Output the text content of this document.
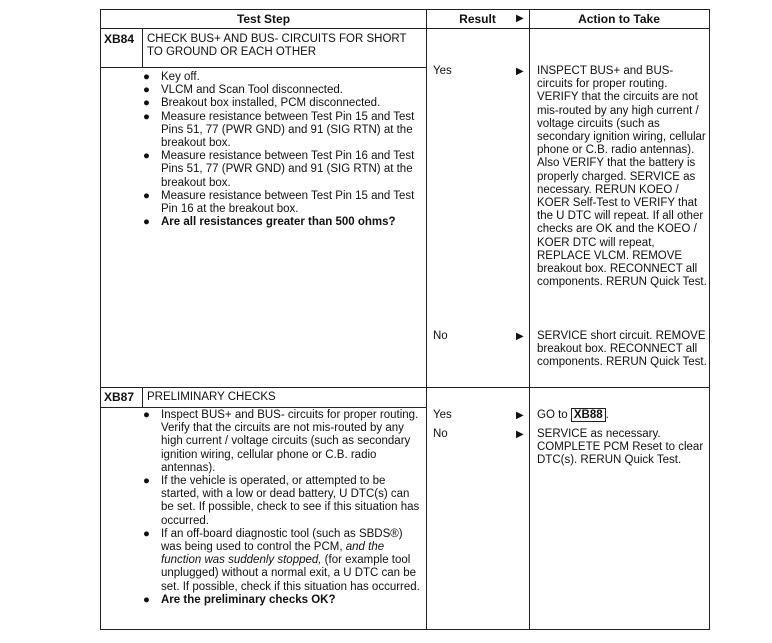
Test Step	Result	Action to Take
▶
XB84 CHECK BUS+ AND BUS- CIRCUITS FOR SHORT TO GROUND OR EACH OTHER
● Key off.
● VLCM and Scan Tool disconnected.
● Breakout box installed, PCM disconnected.
● Measure resistance between Test Pin 15 and Test Pins 51, 77 (PWR GND) and 91 (SIG RTN) at the breakout box.
● Measure resistance between Test Pin 16 and Test Pins 51, 77 (PWR GND) and 91 (SIG RTN) at the breakout box.
● Measure resistance between Test Pin 15 and Test Pin 16 at the breakout box.
● Are all resistances greater than 500 ohms?
Yes	▶ INSPECT BUS+ and BUS- circuits for proper routing. VERIFY that the circuits are not mis-routed by any high current / voltage circuits (such as secondary ignition wiring, cellular phone or C.B. radio antennas). Also VERIFY that the battery is properly charged. SERVICE as necessary. RERUN KOEO / KOER Self-Test to VERIFY that the U DTC will repeat. If all other checks are OK and the KOEO / KOER DTC will repeat, REPLACE VLCM. REMOVE breakout box. RECONNECT all components. RERUN Quick Test.
No	▶ SERVICE short circuit. REMOVE breakout box. RECONNECT all components. RERUN Quick Test.
XB87 PRELIMINARY CHECKS
● Inspect BUS+ and BUS- circuits for proper routing. Verify that the circuits are not mis-routed by any high current / voltage circuits (such as secondary ignition wiring, cellular phone or C.B. radio antennas).
● If the vehicle is operated, or attempted to be started, with a low or dead battery, U DTC(s) can be set. If possible, check to see if this situation has occurred.
● If an off-board diagnostic tool (such as SBDS®) was being used to control the PCM, and the function was suddenly stopped, (for example tool unplugged) without a normal exit, a U DTC can be set. If possible, check if this situation has occurred.
● Are the preliminary checks OK?
Yes	▶ GO to XB88 .
No	▶ SERVICE as necessary. COMPLETE PCM Reset to clear DTC(s). RERUN Quick Test.
